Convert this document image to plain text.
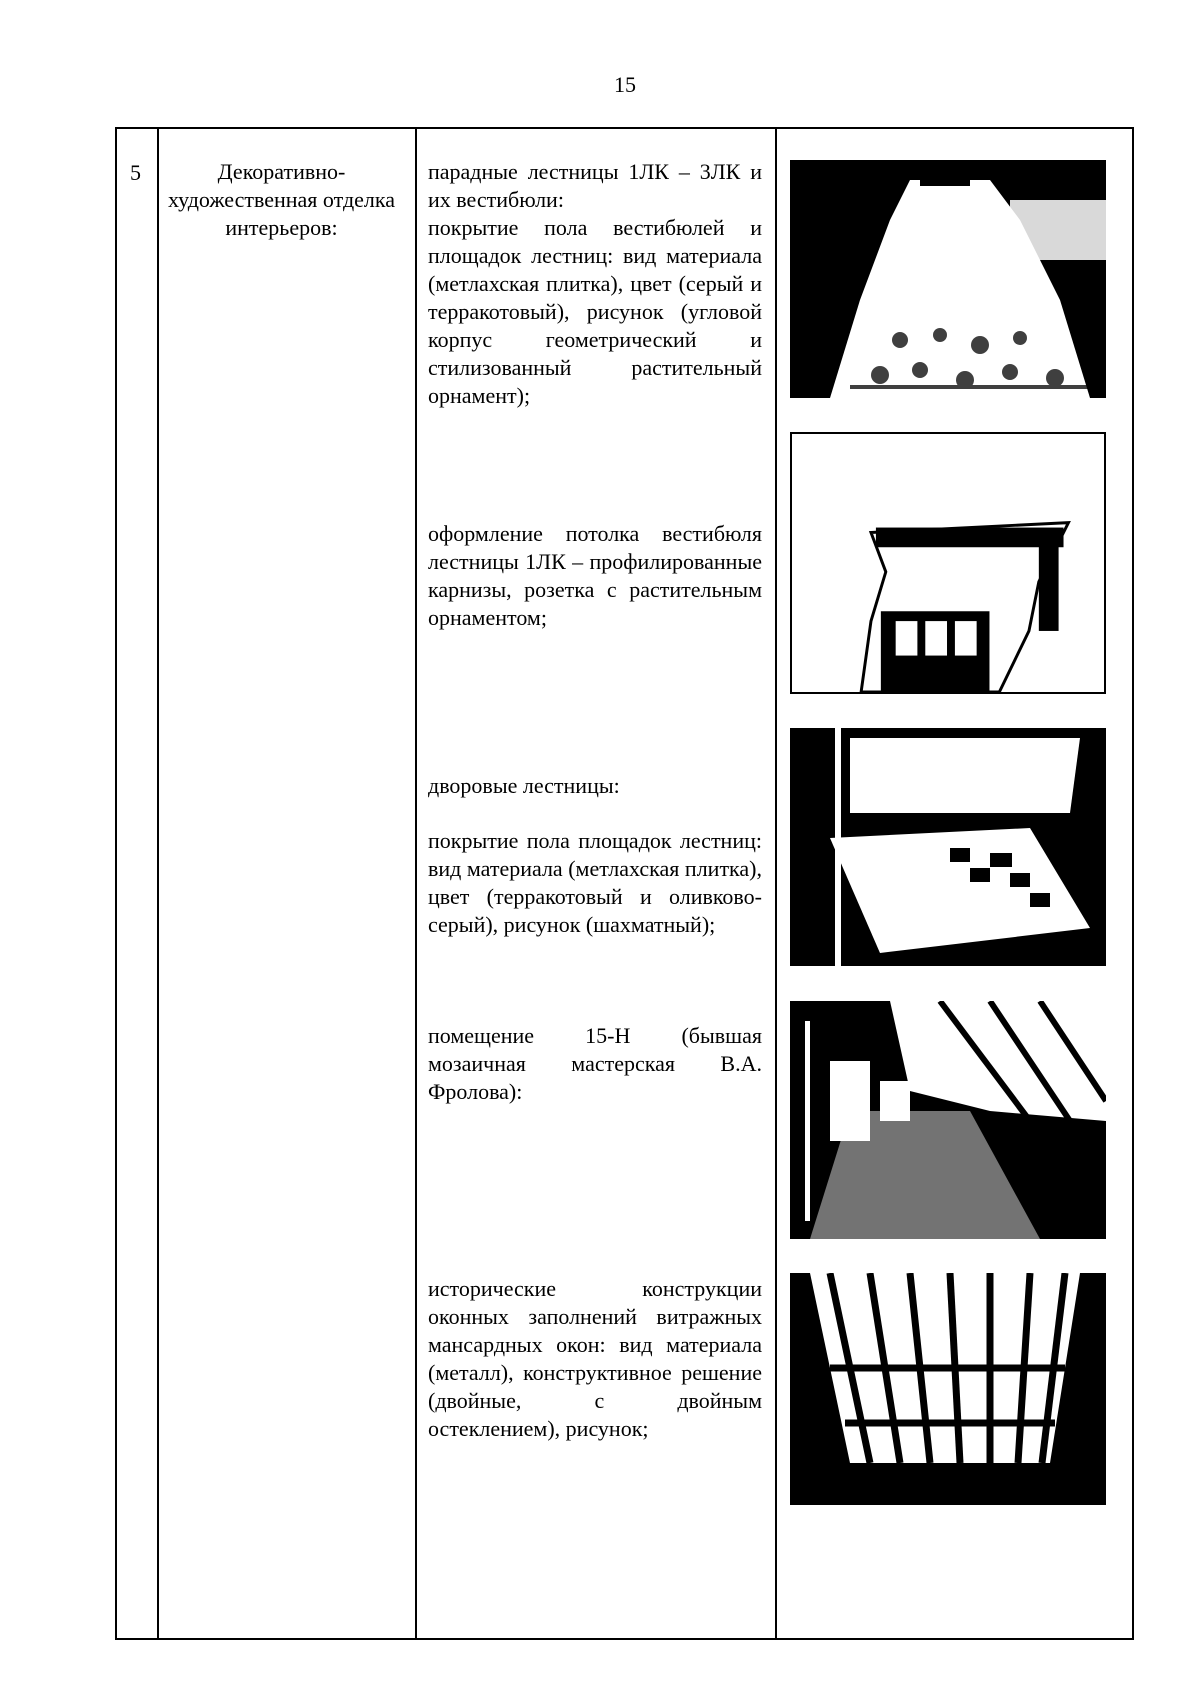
15
5	Декоративно-художественная отделка интерьеров:

парадные лестницы 1ЛК – 3ЛК и их вестибюли:

покрытие пола вестибюлей и площадок лестниц: вид материала (метлахская плитка), цвет (серый и терракотовый), рисунок (угловой корпус геометрический и стилизованный растительный орнамент);

оформление потолка вестибюля лестницы 1ЛК – профилированные карнизы, розетка с растительным орнаментом;

дворовые лестницы:

покрытие пола площадок лестниц: вид материала (метлахская плитка), цвет (терракотовый и оливково-серый), рисунок (шахматный);

помещение 15-Н (бывшая мозаичная мастерская В.А. Фролова):

исторические конструкции оконных заполнений витражных мансардных окон: вид материала (металл), конструктивное решение (двойные, с двойным остеклением), рисунок;
